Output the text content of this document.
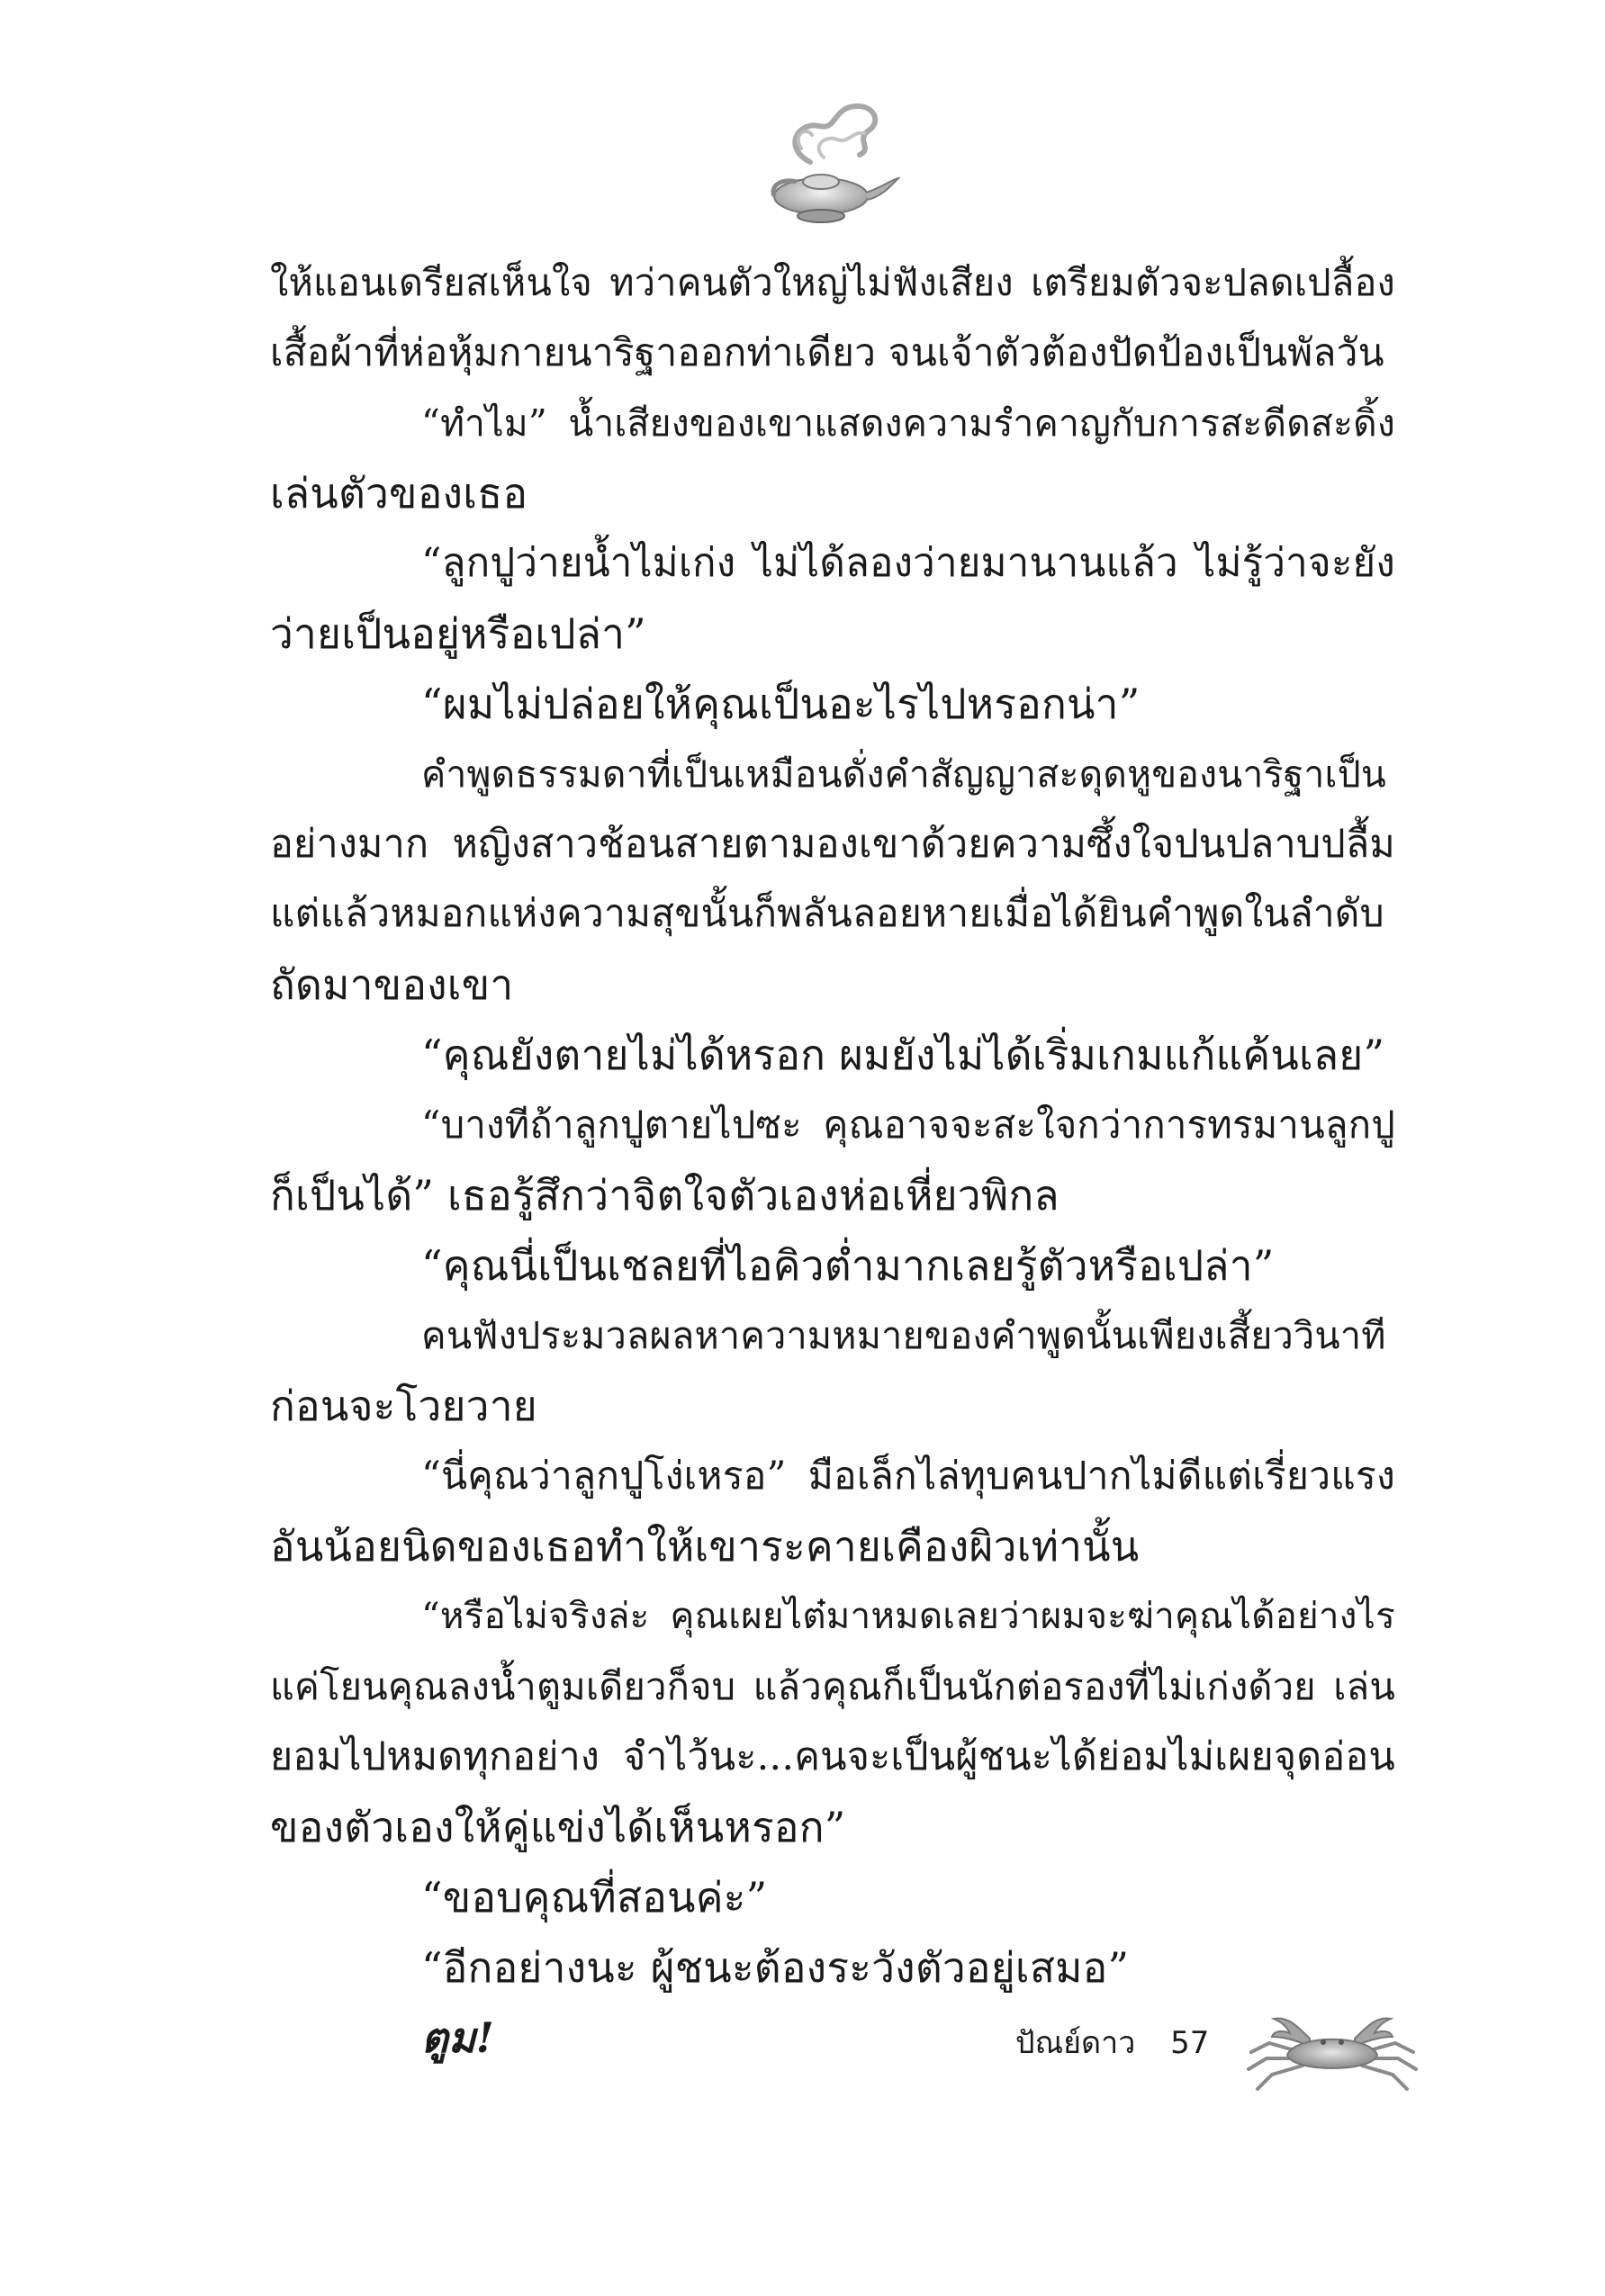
ให้แอนเดรียสเห็นใจ ทว่าคนตัวใหญ่ไม่ฟังเสียง เตรียมตัวจะปลดเปลื้อง
เสื้อผ้าที่ห่อหุ้มกายนาริฐาออกท่าเดียว จนเจ้าตัวต้องปัดป้องเป็นพัลวัน
“ทำไม” น้ำเสียงของเขาแสดงความรำคาญกับการสะดีดสะดิ้ง
เล่นตัวของเธอ
“ลูกปูว่ายน้ำไม่เก่ง ไม่ได้ลองว่ายมานานแล้ว ไม่รู้ว่าจะยัง
ว่ายเป็นอยู่หรือเปล่า”
“ผมไม่ปล่อยให้คุณเป็นอะไรไปหรอกน่า”
คำพูดธรรมดาที่เป็นเหมือนดั่งคำสัญญาสะดุดหูของนาริฐาเป็น
อย่างมาก หญิงสาวช้อนสายตามองเขาด้วยความซึ้งใจปนปลาบปลื้ม
แต่แล้วหมอกแห่งความสุขนั้นก็พลันลอยหายเมื่อได้ยินคำพูดในลำดับ
ถัดมาของเขา
“คุณยังตายไม่ได้หรอก ผมยังไม่ได้เริ่มเกมแก้แค้นเลย”
“บางทีถ้าลูกปูตายไปซะ คุณอาจจะสะใจกว่าการทรมานลูกปู
ก็เป็นได้” เธอรู้สึกว่าจิตใจตัวเองห่อเหี่ยวพิกล
“คุณนี่เป็นเชลยที่ไอคิวต่ำมากเลยรู้ตัวหรือเปล่า”
คนฟังประมวลผลหาความหมายของคำพูดนั้นเพียงเสี้ยววินาที
ก่อนจะโวยวาย
“นี่คุณว่าลูกปูโง่เหรอ” มือเล็กไล่ทุบคนปากไม่ดีแต่เรี่ยวแรง
อันน้อยนิดของเธอทำให้เขาระคายเคืองผิวเท่านั้น
“หรือไม่จริงล่ะ คุณเผยไต๋มาหมดเลยว่าผมจะฆ่าคุณได้อย่างไร
แค่โยนคุณลงน้ำตูมเดียวก็จบ แล้วคุณก็เป็นนักต่อรองที่ไม่เก่งด้วย เล่น
ยอมไปหมดทุกอย่าง จำไว้นะ...คนจะเป็นผู้ชนะได้ย่อมไม่เผยจุดอ่อน
ของตัวเองให้คู่แข่งได้เห็นหรอก”
“ขอบคุณที่สอนค่ะ”
“อีกอย่างนะ ผู้ชนะต้องระวังตัวอยู่เสมอ”
ตูม!	ปัณย์ดาว 57
